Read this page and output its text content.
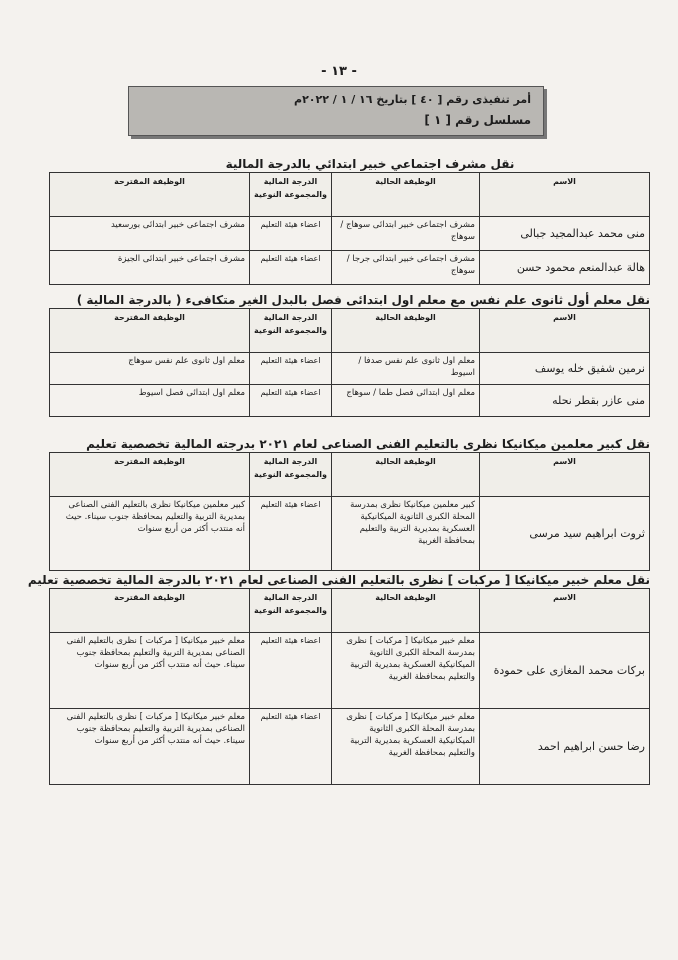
- ١٣ -
أمر تنفيذى رقم [ ٤٠ ] بتاريخ ١٦ / ١ / ٢٠٢٢م
مسلسل رقم [ ١ ]
نقل مشرف اجتماعي خبير ابتدائي بالدرجة المالية
الاسم	الوظيفة الحالية	الدرجة المالية والمجموعة النوعية	الوظيفة المقترحة
منى محمد عبدالمجيد جبالى	مشرف اجتماعى خبير ابتدائى سوهاج / سوهاج	اعضاء هيئة التعليم	مشرف اجتماعى خبير ابتدائى بورسعيد
هالة عبدالمنعم محمود حسن	مشرف اجتماعى خبير ابتدائى جرجا / سوهاج	اعضاء هيئة التعليم	مشرف اجتماعى خبير ابتدائى الجيزة
نقل معلم أول ثانوى علم نفس مع معلم اول ابتدائى فصل بالبدل الغير متكافىء ( بالدرجة المالية )
الاسم	الوظيفة الحالية	الدرجة المالية والمجموعة النوعية	الوظيفة المقترحة
نرمين شفيق خله يوسف	معلم اول ثانوى علم نفس صدفا / اسيوط	اعضاء هيئة التعليم	معلم اول ثانوى علم نفس سوهاج
منى عازر بقطر نحله	معلم اول ابتدائى فصل طما / سوهاج	اعضاء هيئة التعليم	معلم اول ابتدائى فصل اسيوط
نقل كبير معلمين ميكانيكا نظرى بالتعليم الفنى الصناعى لعام ٢٠٢١ بدرجته المالية تخصصية تعليم
الاسم	الوظيفة الحالية	الدرجة المالية والمجموعة النوعية	الوظيفة المقترحة
ثروت ابراهيم سيد مرسى	كبير معلمين ميكانيكا نظرى بمدرسة المحلة الكبرى الثانوية الميكانيكية العسكرية بمديرية التربية والتعليم بمحافظة الغربية	اعضاء هيئة التعليم	كبير معلمين ميكانيكا نظرى بالتعليم الفنى الصناعى بمديرية التربية والتعليم بمحافظة جنوب سيناء. حيث أنه منتدب أكثر من أربع سنوات
نقل معلم خبير ميكانيكا [ مركبات ] نظرى بالتعليم الفنى الصناعى لعام ٢٠٢١ بالدرجة المالية تخصصية تعليم
الاسم	الوظيفة الحالية	الدرجة المالية والمجموعة النوعية	الوظيفة المقترحة
بركات محمد المغازى على حمودة	معلم خبير ميكانيكا [ مركبات ] نظرى بمدرسة المحلة الكبرى الثانوية الميكانيكية العسكرية بمديرية التربية والتعليم بمحافظة الغربية	اعضاء هيئة التعليم	معلم خبير ميكانيكا [ مركبات ] نظرى بالتعليم الفنى الصناعى بمديرية التربية والتعليم بمحافظة جنوب سيناء. حيث أنه منتدب أكثر من أربع سنوات
رضا حسن ابراهيم احمد	معلم خبير ميكانيكا [ مركبات ] نظرى بمدرسة المحلة الكبرى الثانوية الميكانيكية العسكرية بمديرية التربية والتعليم بمحافظة الغربية	اعضاء هيئة التعليم	معلم خبير ميكانيكا [ مركبات ] نظرى بالتعليم الفنى الصناعى بمديرية التربية والتعليم بمحافظة جنوب سيناء. حيث أنه منتدب أكثر من أربع سنوات
